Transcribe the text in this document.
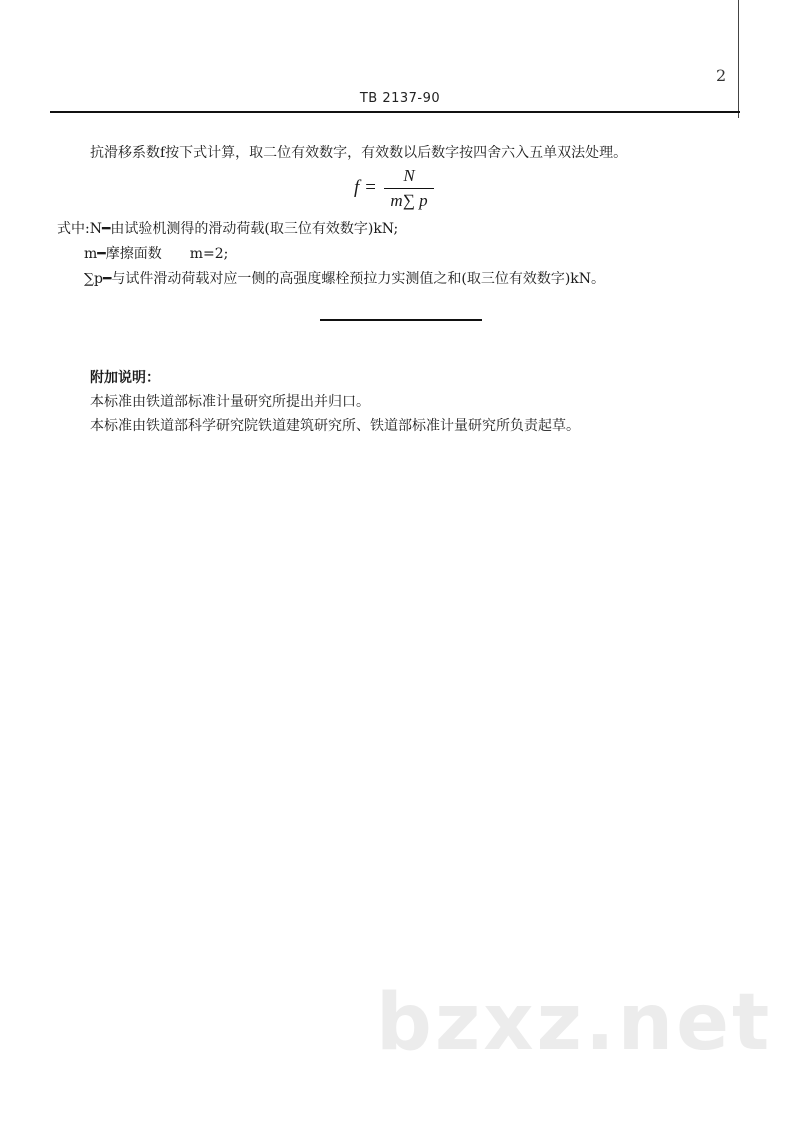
2
TB 2137-90
抗滑移系数f按下式计算，取二位有效数字，有效数以后数字按四舍六入五单双法处理。
f =
N
m∑ p
式中:N━由试验机测得的滑动荷载(取三位有效数字)kN;
m━摩擦面数　　m=2;
∑p━与试件滑动荷载对应一侧的高强度螺栓预拉力实测值之和(取三位有效数字)kN。
附加说明：
本标准由铁道部标准计量研究所提出并归口。
本标准由铁道部科学研究院铁道建筑研究所、铁道部标准计量研究所负责起草。
bzxz.net
